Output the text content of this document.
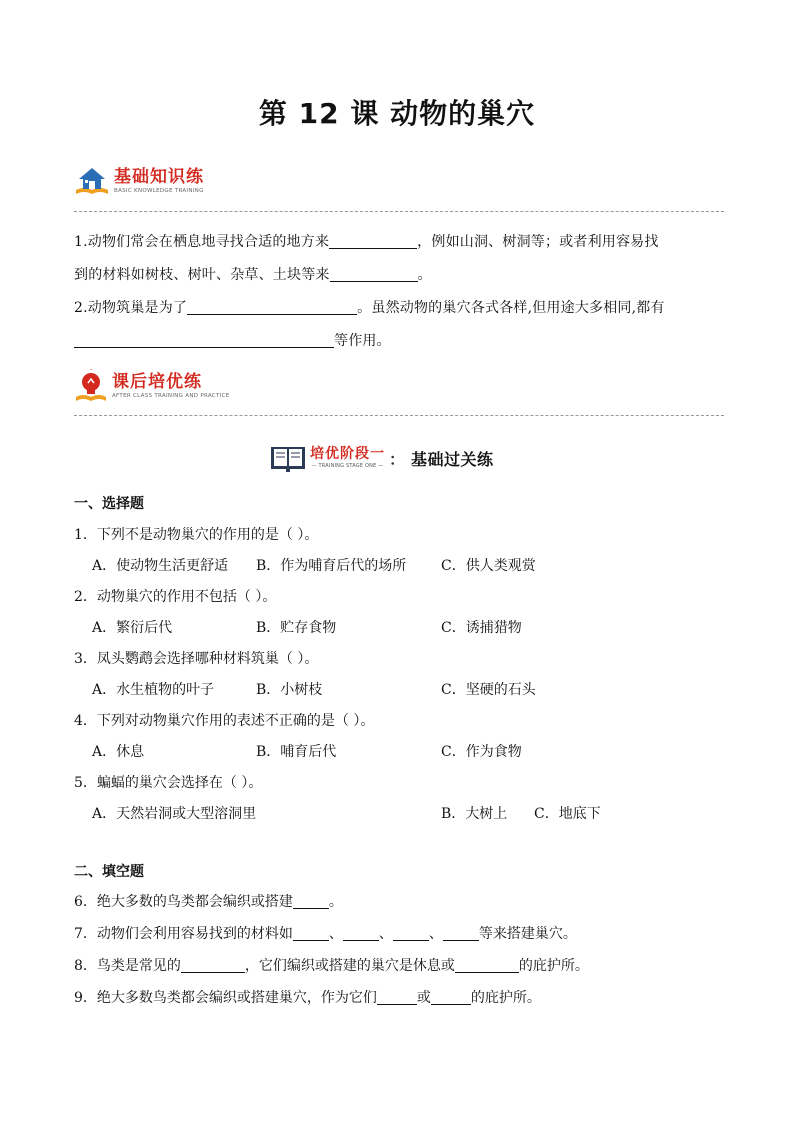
第 12 课 动物的巢穴
基础知识练
BASIC KNOWLEDGE TRAINING

1.动物们常会在栖息地寻找合适的地方来	，例如山洞、树洞等；或者利用容易找

到的材料如树枝、树叶、杂草、土块等来	。

2.动物筑巢是为了	。虽然动物的巢穴各式各样,但用途大多相同,都有

等作用。

课后培优练
AFTER CLASS TRAINING AND PRACTICE
培优阶段一
— TRAINING STAGE ONE — ： 基础过关练
一、选择题
1．下列不是动物巢穴的作用的是（ ）。
A．使动物生活更舒适 B．作为哺育后代的场所 C．供人类观赏
2．动物巢穴的作用不包括（ ）。
A．繁衍后代	B．贮存食物	C．诱捕猎物
3．凤头鹦鹉会选择哪种材料筑巢（ ）。
A．水生植物的叶子	B．小树枝	C．坚硬的石头
4．下列对动物巢穴作用的表述不正确的是（ ）。
A．休息	B．哺育后代	C．作为食物
5．蝙蝠的巢穴会选择在（ ）。
A．天然岩洞或大型溶洞里	B．大树上 C．地底下
二、填空题
6．绝大多数的鸟类都会编织或搭建	。
7．动物们会利用容易找到的材料如	、	、	、	等来搭建巢穴。
8．鸟类是常见的	，它们编织或搭建的巢穴是休息或	的庇护所。
9．绝大多数鸟类都会编织或搭建巢穴，作为它们	或	的庇护所。
